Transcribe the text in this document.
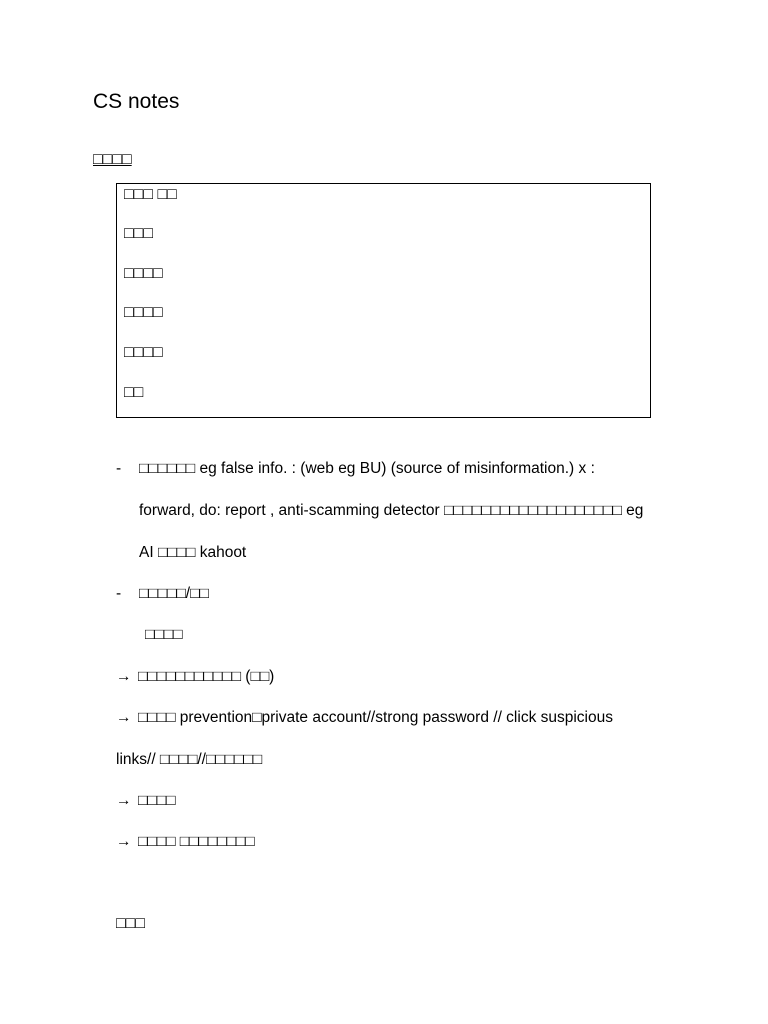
CS notes
□□□□
□□□ □□
□□□
□□□□
□□□□
□□□□
□□
- □□□□□□ eg false info. : (web eg BU) (source of misinformation.) x :
forward, do: report , anti-scamming detector □□□□□□□□□□□□□□□□□□□ eg
AI □□□□ kahoot
- □□□□□/□□
□□□□
→ □□□□□□□□□□□ (□□)
→ □□□□ prevention□private account//strong password // click suspicious
links// □□□□//□□□□□□
→ □□□□
→ □□□□ □□□□□□□□
□□□
